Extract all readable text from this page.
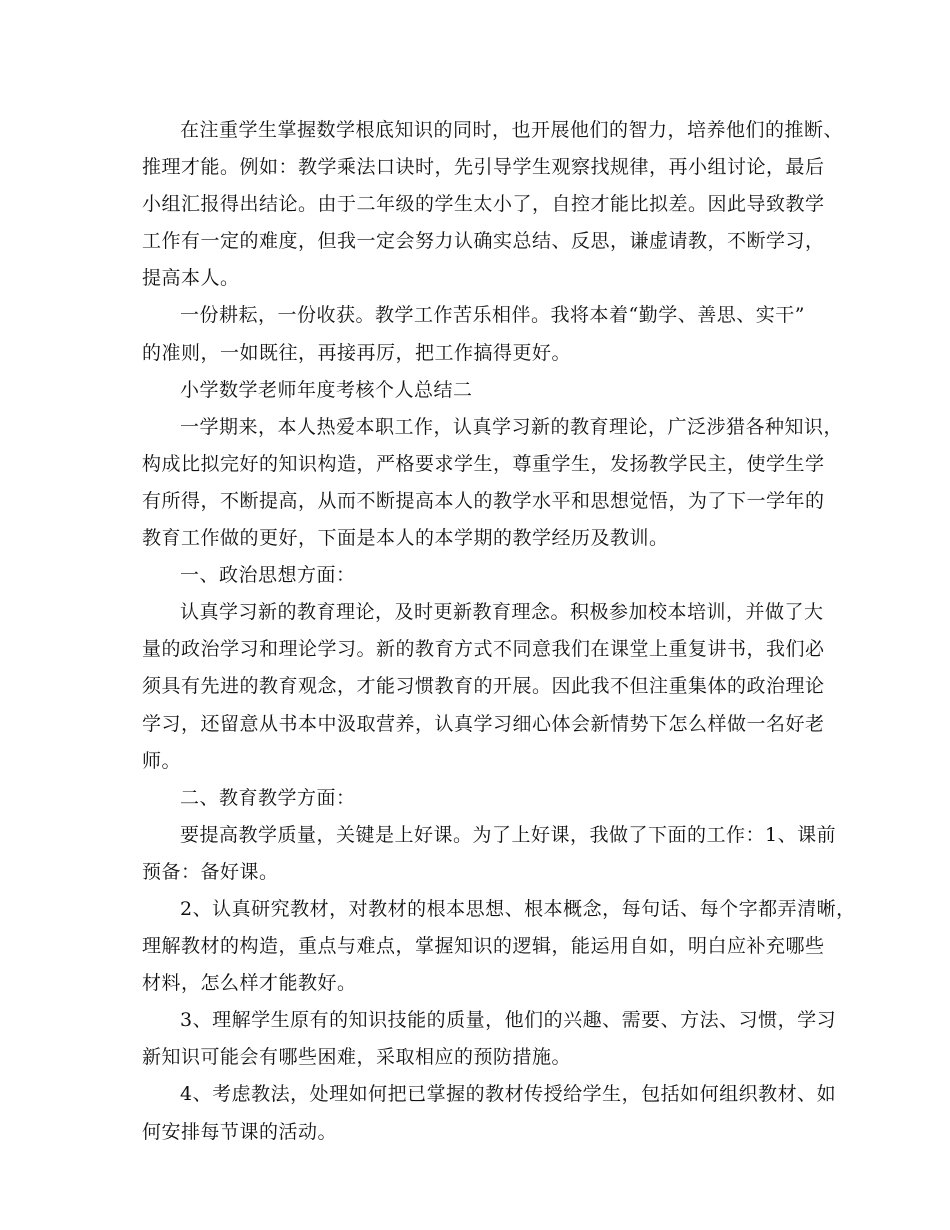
在注重学生掌握数学根底知识的同时，也开展他们的智力，培养他们的推断、
推理才能。例如：教学乘法口诀时，先引导学生观察找规律，再小组讨论，最后
小组汇报得出结论。由于二年级的学生太小了，自控才能比拟差。因此导致教学
工作有一定的难度，但我一定会努力认确实总结、反思，谦虚请教，不断学习，
提高本人。
一份耕耘，一份收获。教学工作苦乐相伴。我将本着“勤学、善思、实干”
的准则，一如既往，再接再厉，把工作搞得更好。
小学数学老师年度考核个人总结二
一学期来，本人热爱本职工作，认真学习新的教育理论，广泛涉猎各种知识，
构成比拟完好的知识构造，严格要求学生，尊重学生，发扬教学民主，使学生学
有所得，不断提高，从而不断提高本人的教学水平和思想觉悟，为了下一学年的
教育工作做的更好，下面是本人的本学期的教学经历及教训。
一、政治思想方面：
认真学习新的教育理论，及时更新教育理念。积极参加校本培训，并做了大
量的政治学习和理论学习。新的教育方式不同意我们在课堂上重复讲书，我们必
须具有先进的教育观念，才能习惯教育的开展。因此我不但注重集体的政治理论
学习，还留意从书本中汲取营养，认真学习细心体会新情势下怎么样做一名好老
师。
二、教育教学方面：
要提高教学质量，关键是上好课。为了上好课，我做了下面的工作：1、课前
预备：备好课。
2、认真研究教材，对教材的根本思想、根本概念，每句话、每个字都弄清晰，
理解教材的构造，重点与难点，掌握知识的逻辑，能运用自如，明白应补充哪些
材料，怎么样才能教好。
3、理解学生原有的知识技能的质量，他们的兴趣、需要、方法、习惯，学习
新知识可能会有哪些困难，采取相应的预防措施。
4、考虑教法，处理如何把已掌握的教材传授给学生，包括如何组织教材、如
何安排每节课的活动。
